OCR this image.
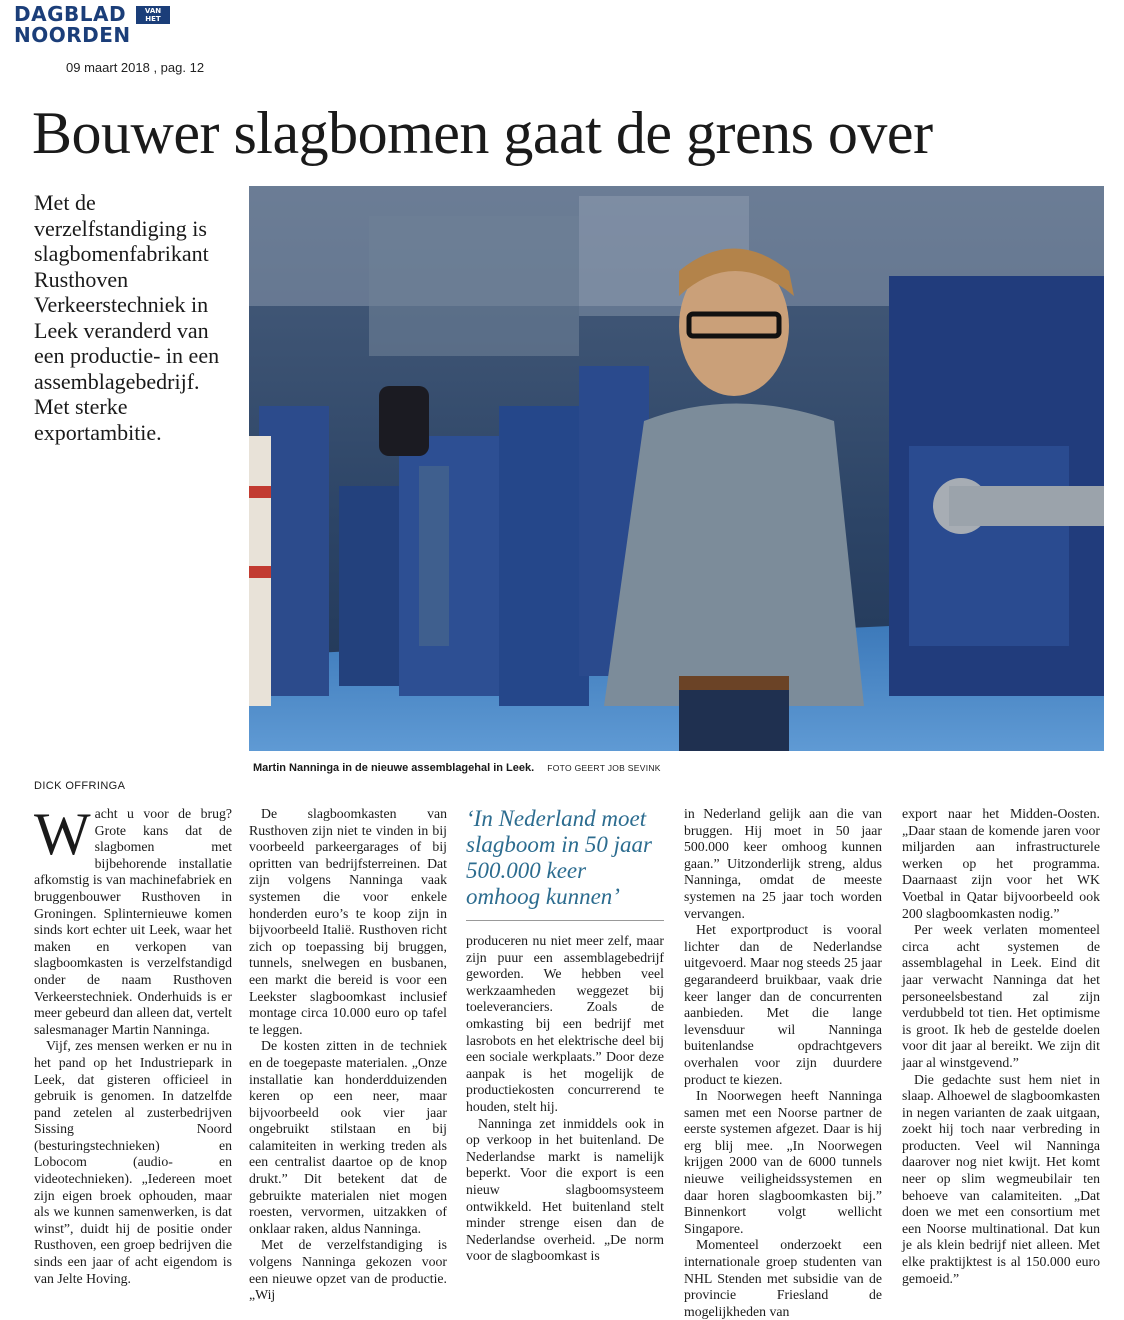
DAGBLAD
NOORDEN
VAN
HET
09 maart 2018 , pag. 12
Bouwer slagbomen gaat de grens over

Met de verzelfstandiging is slagbomenfabrikant Rusthoven Verkeerstechniek in Leek veranderd van een productie- in een assemblagebedrijf. Met sterke exportambitie.

Martin Nanninga in de nieuwe assemblagehal in Leek. FOTO GEERT JOB SEVINK
DICK OFFRINGA

Wacht u voor de brug? Grote kans dat de slagbomen met bijbehorende installatie afkomstig is van machinefabriek en bruggenbouwer Rusthoven in Groningen. Splinternieuwe komen sinds kort echter uit Leek, waar het maken en verkopen van slagboomkasten is verzelfstandigd onder de naam Rusthoven Verkeerstechniek. Onderhuids is er meer gebeurd dan alleen dat, vertelt salesmanager Martin Nanninga.

Vijf, zes mensen werken er nu in het pand op het Industriepark in Leek, dat gisteren officieel in gebruik is genomen. In datzelfde pand zetelen al zusterbedrijven Sissing Noord (besturingstechnieken) en Lobocom (audio- en videotechnieken). „Iedereen moet zijn eigen broek ophouden, maar als we kunnen samenwerken, is dat winst”, duidt hij de positie onder Rusthoven, een groep bedrijven die sinds een jaar of acht eigendom is van Jelte Hoving.

De slagboomkasten van Rusthoven zijn niet te vinden in bij voorbeeld parkeergarages of bij opritten van bedrijfsterreinen. Dat zijn volgens Nanninga vaak systemen die voor enkele honderden euro’s te koop zijn in bijvoorbeeld Italië. Rusthoven richt zich op toepassing bij bruggen, tunnels, snelwegen en busbanen, een markt die bereid is voor een Leekster slagboomkast inclusief montage circa 10.000 euro op tafel te leggen.

De kosten zitten in de techniek en de toegepaste materialen. „Onze installatie kan honderdduizenden keren op een neer, maar bijvoorbeeld ook vier jaar ongebruikt stilstaan en bij calamiteiten in werking treden als een centralist daartoe op de knop drukt.” Dit betekent dat de gebruikte materialen niet mogen roesten, vervormen, uitzakken of onklaar raken, aldus Nanninga.

Met de verzelfstandiging is volgens Nanninga gekozen voor een nieuwe opzet van de productie. „Wij

‘In Nederland moet slagboom in 50 jaar 500.000 keer omhoog kunnen’

produceren nu niet meer zelf, maar zijn puur een assemblagebedrijf geworden. We hebben veel werkzaamheden weggezet bij toeleveranciers. Zoals de omkasting bij een bedrijf met lasrobots en het elektrische deel bij een sociale werkplaats.” Door deze aanpak is het mogelijk de productiekosten concurrerend te houden, stelt hij.

Nanninga zet inmiddels ook in op verkoop in het buitenland. De Nederlandse markt is namelijk beperkt. Voor die export is een nieuw slagboomsysteem ontwikkeld. Het buitenland stelt minder strenge eisen dan de Nederlandse overheid. „De norm voor de slagboomkast is

in Nederland gelijk aan die van bruggen. Hij moet in 50 jaar 500.000 keer omhoog kunnen gaan.” Uitzonderlijk streng, aldus Nanninga, omdat de meeste systemen na 25 jaar toch worden vervangen.

Het exportproduct is vooral lichter dan de Nederlandse uitgevoerd. Maar nog steeds 25 jaar gegarandeerd bruikbaar, vaak drie keer langer dan de concurrenten aanbieden. Met die lange levensduur wil Nanninga buitenlandse opdrachtgevers overhalen voor zijn duurdere product te kiezen.

In Noorwegen heeft Nanninga samen met een Noorse partner de eerste systemen afgezet. Daar is hij erg blij mee. „In Noorwegen krijgen 2000 van de 6000 tunnels nieuwe veiligheidssystemen en daar horen slagboomkasten bij.” Binnenkort volgt wellicht Singapore.

Momenteel onderzoekt een internationale groep studenten van NHL Stenden met subsidie van de provincie Friesland de mogelijkheden van

export naar het Midden-Oosten. „Daar staan de komende jaren voor miljarden aan infrastructurele werken op het programma. Daarnaast zijn voor het WK Voetbal in Qatar bijvoorbeeld ook 200 slagboomkasten nodig.”

Per week verlaten momenteel circa acht systemen de assemblagehal in Leek. Eind dit jaar verwacht Nanninga dat het personeelsbestand zal zijn verdubbeld tot tien. Het optimisme is groot. Ik heb de gestelde doelen voor dit jaar al bereikt. We zijn dit jaar al winstgevend.”

Die gedachte sust hem niet in slaap. Alhoewel de slagboomkasten in negen varianten de zaak uitgaan, zoekt hij toch naar verbreding in producten. Veel wil Nanninga daarover nog niet kwijt. Het komt neer op slim wegmeubilair ten behoeve van calamiteiten. „Dat doen we met een consortium met een Noorse multinational. Dat kun je als klein bedrijf niet alleen. Met elke praktijktest is al 150.000 euro gemoeid.”
